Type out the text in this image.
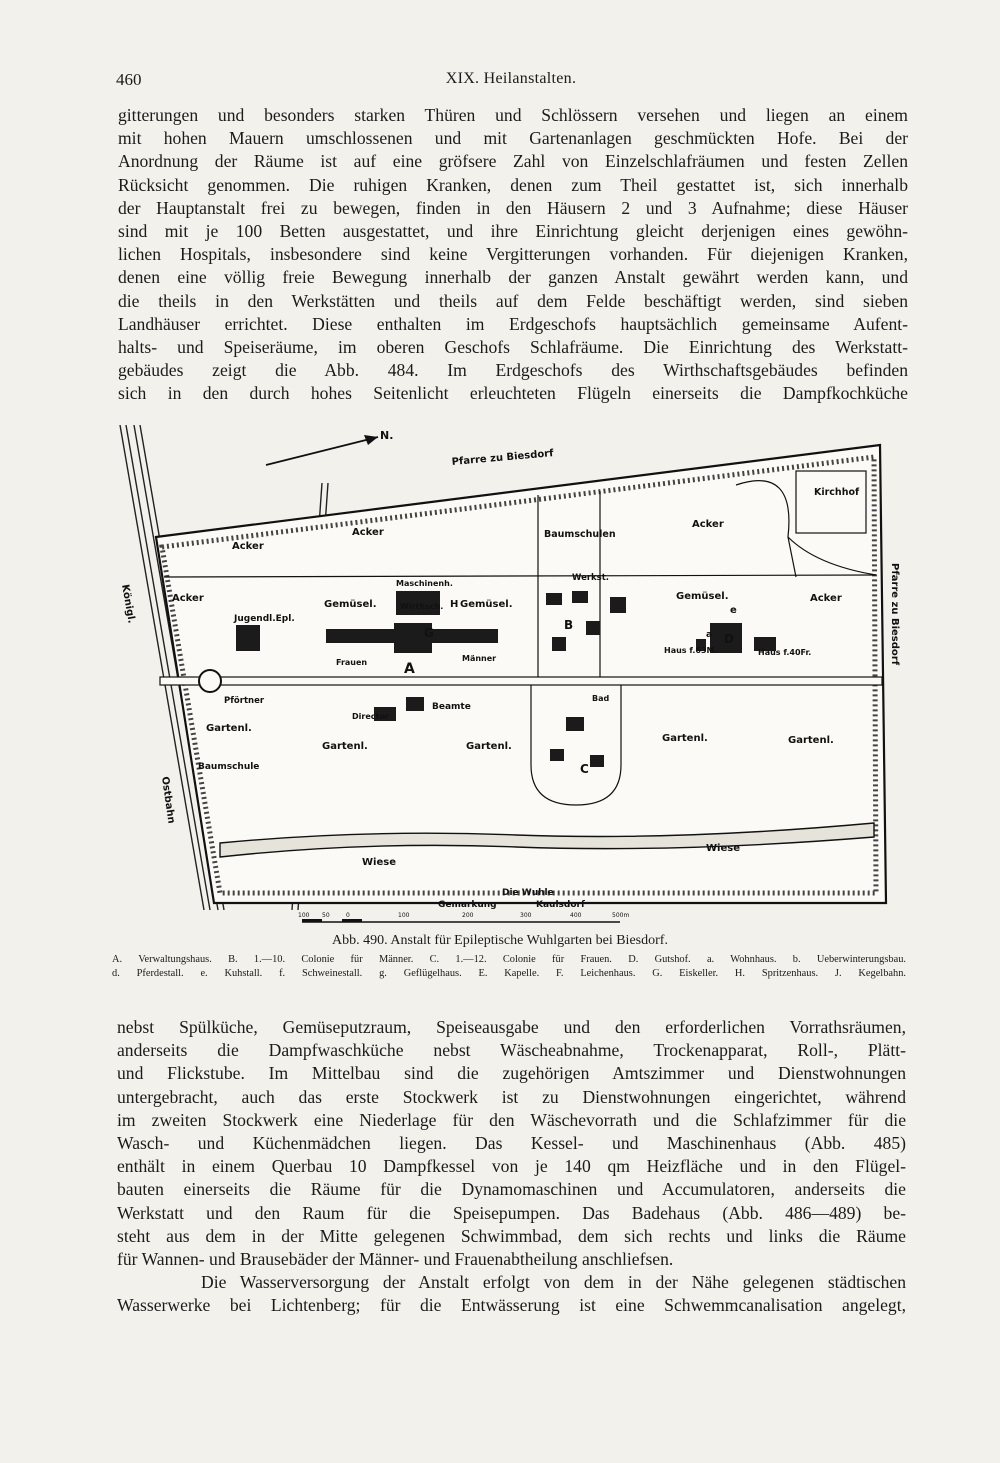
460	XIX. Heilanstalten.
gitterungen und besonders starken Thüren und Schlössern versehen und liegen an einem
mit hohen Mauern umschlossenen und mit Gartenanlagen geschmückten Hofe. Bei der
Anordnung der Räume ist auf eine gröfsere Zahl von Einzelschlafräumen und festen Zellen
Rücksicht genommen. Die ruhigen Kranken, denen zum Theil gestattet ist, sich innerhalb
der Hauptanstalt frei zu bewegen, finden in den Häusern 2 und 3 Aufnahme; diese Häuser
sind mit je 100 Betten ausgestattet, und ihre Einrichtung gleicht derjenigen eines gewöhn-
lichen Hospitals, insbesondere sind keine Vergitterungen vorhanden. Für diejenigen Kranken,
denen eine völlig freie Bewegung innerhalb der ganzen Anstalt gewährt werden kann, und
die theils in den Werkstätten und theils auf dem Felde beschäftigt werden, sind sieben
Landhäuser errichtet. Diese enthalten im Erdgeschofs hauptsächlich gemeinsame Aufent-
halts- und Speiseräume, im oberen Geschofs Schlafräume. Die Einrichtung des Werkstatt-
gebäudes zeigt die Abb. 484. Im Erdgeschofs des Wirthschaftsgebäudes befinden
sich in den durch hohes Seitenlicht erleuchteten Flügeln einerseits die Dampfkochküche
N.
Pfarre zu Biesdorf
Kirchhof
Acker
Acker
Acker
Acker	Acker
Baumschulen
Werkst.
Maschinenh.
Wirthsch.
Gemüsel.	Gemüsel.
Gemüsel.
H
G
A
B
C
D
e
a
Jugendl.Epl.
Frauen	Männer
Haus f.63M.	Haus f.40Fr.
Pförtner
Director
Beamte
Bad
Gartenl.
Gartenl.	Gartenl.
Gartenl.	Gartenl.
Baumschule
Königl.
Ostbahn
Pfarre zu Biesdorf
Wiese
Wiese
Die Wuhle
Gemarkung	Kaulsdorf
100 50	0	100	200	300	400	500m
Abb. 490. Anstalt für Epileptische Wuhlgarten bei Biesdorf.
A. Verwaltungshaus. B. 1.—10. Colonie für Männer. C. 1.—12. Colonie für Frauen. D. Gutshof. a. Wohnhaus. b. Ueberwinterungsbau.
d. Pferdestall. e. Kuhstall. f. Schweinestall. g. Geflügelhaus. E. Kapelle. F. Leichenhaus. G. Eiskeller. H. Spritzenhaus. J. Kegelbahn.
nebst Spülküche, Gemüseputzraum, Speiseausgabe und den erforderlichen Vorrathsräumen,
anderseits die Dampfwaschküche nebst Wäscheabnahme, Trockenapparat, Roll-, Plätt-
und Flickstube. Im Mittelbau sind die zugehörigen Amtszimmer und Dienstwohnungen
untergebracht, auch das erste Stockwerk ist zu Dienstwohnungen eingerichtet, während
im zweiten Stockwerk eine Niederlage für den Wäschevorrath und die Schlafzimmer für die
Wasch- und Küchenmädchen liegen. Das Kessel- und Maschinenhaus (Abb. 485)
enthält in einem Querbau 10 Dampfkessel von je 140 qm Heizfläche und in den Flügel-
bauten einerseits die Räume für die Dynamomaschinen und Accumulatoren, anderseits die
Werkstatt und den Raum für die Speisepumpen. Das Badehaus (Abb. 486—489) be-
steht aus dem in der Mitte gelegenen Schwimmbad, dem sich rechts und links die Räume
für Wannen- und Brausebäder der Männer- und Frauenabtheilung anschliefsen.
Die Wasserversorgung der Anstalt erfolgt von dem in der Nähe gelegenen städtischen
Wasserwerke bei Lichtenberg; für die Entwässerung ist eine Schwemmcanalisation angelegt,
